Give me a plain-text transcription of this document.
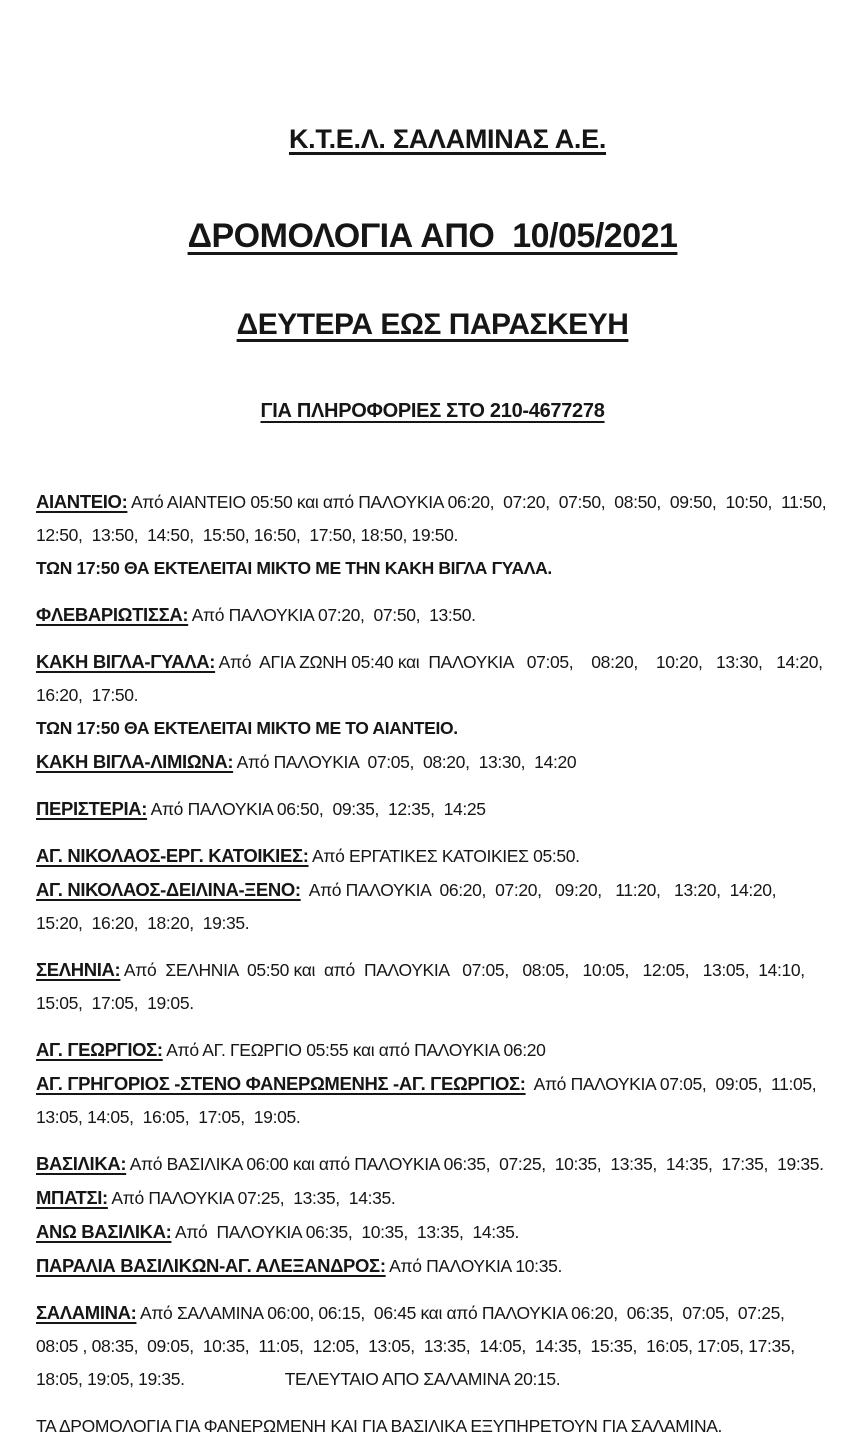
Κ.Τ.Ε.Λ. ΣΑΛΑΜΙΝΑΣ Α.Ε.

ΔΡΟΜΟΛΟΓΙΑ ΑΠΟ  10/05/2021

ΔΕΥΤΕΡΑ ΕΩΣ ΠΑΡΑΣΚΕΥΗ

ΓΙΑ ΠΛΗΡΟΦΟΡΙΕΣ ΣΤΟ 210-4677278

ΑΙΑΝΤΕΙΟ: Από ΑΙΑΝΤΕΙΟ 05:50 και από ΠΑΛΟΥΚΙΑ 06:20,  07:20,  07:50,  08:50,  09:50,  10:50,  11:50,  12:50,  13:50,  14:50,  15:50, 16:50,  17:50, 18:50, 19:50.

ΤΩΝ 17:50 ΘΑ ΕΚΤΕΛΕΙΤΑΙ ΜΙΚΤΟ ΜΕ ΤΗΝ ΚΑΚΗ ΒΙΓΛΑ ΓΥΑΛΑ.

ΦΛΕΒΑΡΙΩΤΙΣΣΑ: Από ΠΑΛΟΥΚΙΑ 07:20,  07:50,  13:50.

ΚΑΚΗ ΒΙΓΛΑ-ΓΥΑΛΑ: Από  ΑΓΙΑ ΖΩΝΗ 05:40 και  ΠΑΛΟΥΚΙΑ   07:05,    08:20,    10:20,   13:30,   14:20,   16:20,  17:50.

ΤΩΝ 17:50 ΘΑ ΕΚΤΕΛΕΙΤΑΙ ΜΙΚΤΟ ΜΕ ΤΟ ΑΙΑΝΤΕΙΟ.

ΚΑΚΗ ΒΙΓΛΑ-ΛΙΜΙΩΝΑ: Από ΠΑΛΟΥΚΙΑ  07:05,  08:20,  13:30,  14:20

ΠΕΡΙΣΤΕΡΙΑ: Από ΠΑΛΟΥΚΙΑ 06:50,  09:35,  12:35,  14:25

ΑΓ. ΝΙΚΟΛΑΟΣ-ΕΡΓ. ΚΑΤΟΙΚΙΕΣ: Από ΕΡΓΑΤΙΚΕΣ ΚΑΤΟΙΚΙΕΣ 05:50.

ΑΓ. ΝΙΚΟΛΑΟΣ-ΔΕΙΛΙΝΑ-ΞΕΝΟ:  Από ΠΑΛΟΥΚΙΑ  06:20,  07:20,   09:20,   11:20,   13:20,  14:20,  15:20,  16:20,  18:20,  19:35.

ΣΕΛΗΝΙΑ: Από  ΣΕΛΗΝΙΑ  05:50 και  από  ΠΑΛΟΥΚΙΑ   07:05,   08:05,   10:05,   12:05,   13:05,  14:10,  15:05,  17:05,  19:05.

ΑΓ. ΓΕΩΡΓΙΟΣ: Από ΑΓ. ΓΕΩΡΓΙΟ 05:55 και από ΠΑΛΟΥΚΙΑ 06:20

ΑΓ. ΓΡΗΓΟΡΙΟΣ -ΣΤΕΝΟ ΦΑΝΕΡΩΜΕΝΗΣ -ΑΓ. ΓΕΩΡΓΙΟΣ:  Από ΠΑΛΟΥΚΙΑ 07:05,  09:05,  11:05, 13:05, 14:05,  16:05,  17:05,  19:05.

ΒΑΣΙΛΙΚΑ: Από ΒΑΣΙΛΙΚΑ 06:00 και από ΠΑΛΟΥΚΙΑ 06:35,  07:25,  10:35,  13:35,  14:35,  17:35,  19:35.

ΜΠΑΤΣΙ: Από ΠΑΛΟΥΚΙΑ 07:25,  13:35,  14:35.

ΑΝΩ ΒΑΣΙΛΙΚΑ: Από  ΠΑΛΟΥΚΙΑ 06:35,  10:35,  13:35,  14:35.

ΠΑΡΑΛΙΑ ΒΑΣΙΛΙΚΩΝ-ΑΓ. ΑΛΕΞΑΝΔΡΟΣ: Από ΠΑΛΟΥΚΙΑ 10:35.

ΣΑΛΑΜΙΝΑ: Από ΣΑΛΑΜΙΝΑ 06:00, 06:15,  06:45 και από ΠΑΛΟΥΚΙΑ 06:20,  06:35,  07:05,  07:25,  08:05 , 08:35,  09:05,  10:35,  11:05,  12:05,  13:05,  13:35,  14:05,  14:35,  15:35,  16:05, 17:05, 17:35, 18:05, 19:05, 19:35.	ΤΕΛΕΥΤΑΙΟ ΑΠΟ ΣΑΛΑΜΙΝΑ 20:15.

ΤΑ ΔΡΟΜΟΛΟΓΙΑ ΓΙΑ ΦΑΝΕΡΩΜΕΝΗ ΚΑΙ ΓΙΑ ΒΑΣΙΛΙΚΑ ΕΞΥΠΗΡΕΤΟΥΝ ΓΙΑ ΣΑΛΑΜΙΝΑ.
